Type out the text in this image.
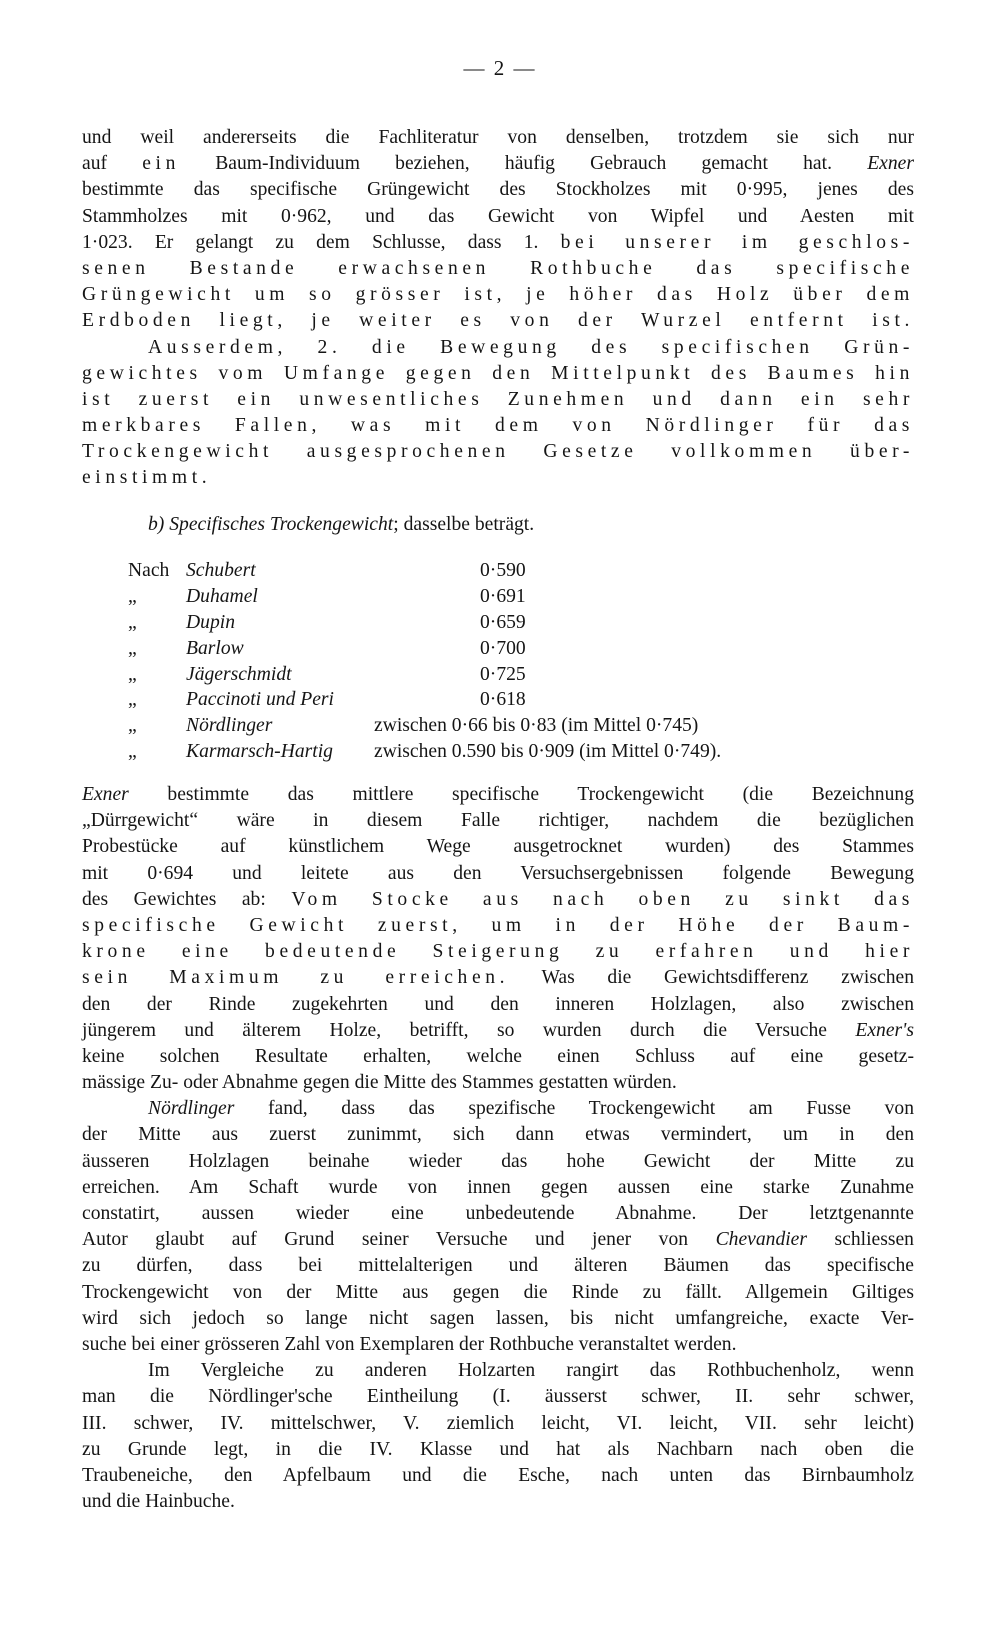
— 2 —
und weil andererseits die Fachliteratur von denselben, trotzdem sie sich nur
auf ein Baum-Individuum beziehen, häufig Gebrauch gemacht hat. Exner
bestimmte das specifische Grüngewicht des Stockholzes mit 0·995, jenes des
Stammholzes mit 0·962, und das Gewicht von Wipfel und Aesten mit
1·023. Er gelangt zu dem Schlusse, dass 1. bei unserer im geschlos-
senen Bestande erwachsenen Rothbuche das specifische
Grüngewicht um so grösser ist, je höher das Holz über dem
Erdboden liegt, je weiter es von der Wurzel entfernt ist.
Ausserdem, 2. die Bewegung des specifischen Grün-
gewichtes vom Umfange gegen den Mittelpunkt des Baumes hin
ist zuerst ein unwesentliches Zunehmen und dann ein sehr
merkbares Fallen, was mit dem von Nördlinger für das
Trockengewicht ausgesprochenen Gesetze vollkommen über-
einstimmt.
b) Specifisches Trockengewicht; dasselbe beträgt.
Nach Schubert	0·590
„	Duhamel	0·691
„	Dupin	0·659
„	Barlow	0·700
„	Jägerschmidt	0·725
„	Paccinoti und Peri	0·618
„	Nördlinger	zwischen 0·66 bis 0·83 (im Mittel 0·745)
„	Karmarsch-Hartig zwischen 0.590 bis 0·909 (im Mittel 0·749).
Exner bestimmte das mittlere specifische Trockengewicht (die Bezeichnung
„Dürrgewicht“ wäre in diesem Falle richtiger, nachdem die bezüglichen
Probestücke auf künstlichem Wege ausgetrocknet wurden) des Stammes
mit 0·694 und leitete aus den Versuchsergebnissen folgende Bewegung
des Gewichtes ab: Vom Stocke aus nach oben zu sinkt das
specifische Gewicht zuerst, um in der Höhe der Baum-
krone eine bedeutende Steigerung zu erfahren und hier
sein Maximum zu erreichen. Was die Gewichtsdifferenz zwischen
den der Rinde zugekehrten und den inneren Holzlagen, also zwischen
jüngerem und älterem Holze, betrifft, so wurden durch die Versuche Exner's
keine solchen Resultate erhalten, welche einen Schluss auf eine gesetz-
mässige Zu- oder Abnahme gegen die Mitte des Stammes gestatten würden.
Nördlinger fand, dass das spezifische Trockengewicht am Fusse von
der Mitte aus zuerst zunimmt, sich dann etwas vermindert, um in den
äusseren Holzlagen beinahe wieder das hohe Gewicht der Mitte zu
erreichen. Am Schaft wurde von innen gegen aussen eine starke Zunahme
constatirt, aussen wieder eine unbedeutende Abnahme. Der letztgenannte
Autor glaubt auf Grund seiner Versuche und jener von Chevandier schliessen
zu dürfen, dass bei mittelalterigen und älteren Bäumen das specifische
Trockengewicht von der Mitte aus gegen die Rinde zu fällt. Allgemein Giltiges
wird sich jedoch so lange nicht sagen lassen, bis nicht umfangreiche, exacte Ver-
suche bei einer grösseren Zahl von Exemplaren der Rothbuche veranstaltet werden.
Im Vergleiche zu anderen Holzarten rangirt das Rothbuchenholz, wenn
man die Nördlinger'sche Eintheilung (I. äusserst schwer, II. sehr schwer,
III. schwer, IV. mittelschwer, V. ziemlich leicht, VI. leicht, VII. sehr leicht)
zu Grunde legt, in die IV. Klasse und hat als Nachbarn nach oben die
Traubeneiche, den Apfelbaum und die Esche, nach unten das Birnbaumholz
und die Hainbuche.
